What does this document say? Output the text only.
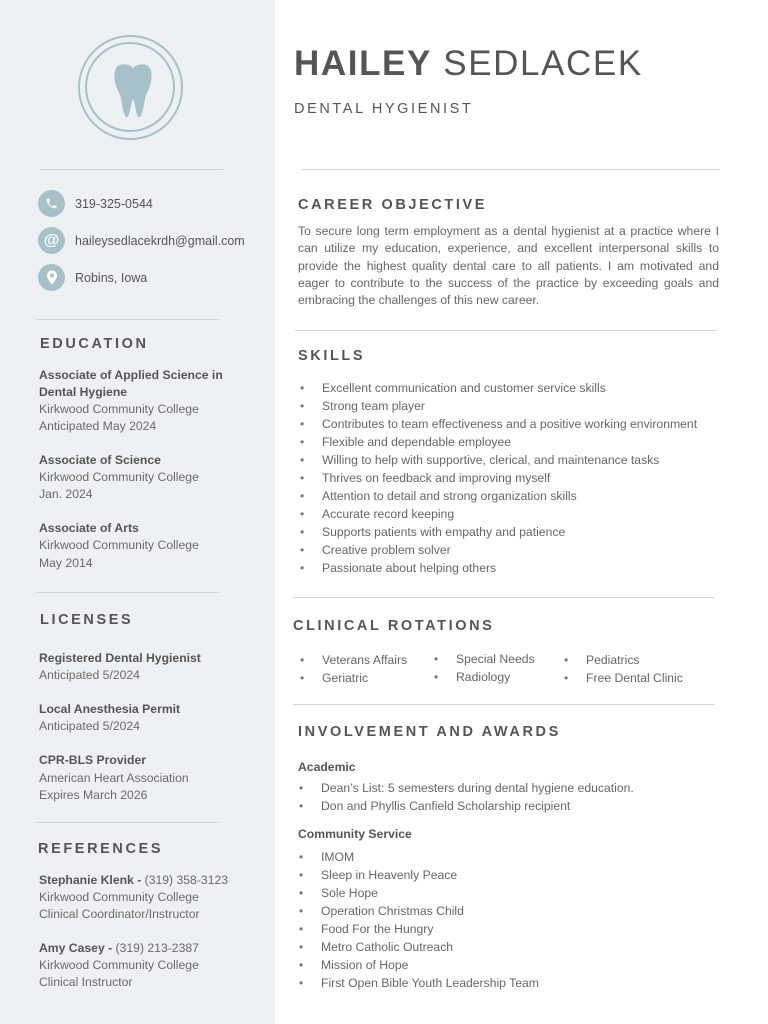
319-325-0544
@	haileysedlacekrdh@gmail.com
Robins, Iowa
EDUCATION
Associate of Applied Science in
Dental Hygiene
Kirkwood Community College
Anticipated May 2024
Associate of Science
Kirkwood Community College
Jan. 2024
Associate of Arts
Kirkwood Community College
May 2014
LICENSES
Registered Dental Hygienist
Anticipated 5/2024
Local Anesthesia Permit
Anticipated 5/2024
CPR-BLS Provider
American Heart Association
Expires March 2026
REFERENCES
Stephanie Klenk - (319) 358-3123
Kirkwood Community College
Clinical Coordinator/Instructor
Amy Casey - (319) 213-2387
Kirkwood Community College
Clinical Instructor
HAILEY SEDLACEK
DENTAL HYGIENIST
CAREER OBJECTIVE
To secure long term employment as a dental hygienist at a practice where I can utilize my education, experience, and excellent interpersonal skills to provide the highest quality dental care to all patients. I am motivated and eager to contribute to the success of the practice by exceeding goals and embracing the challenges of this new career.
SKILLS
• Excellent communication and customer service skills
• Strong team player
• Contributes to team effectiveness and a positive working environment
• Flexible and dependable employee
• Willing to help with supportive, clerical, and maintenance tasks
• Thrives on feedback and improving myself
• Attention to detail and strong organization skills
• Accurate record keeping
• Supports patients with empathy and patience
• Creative problem solver
• Passionate about helping others
CLINICAL ROTATIONS
• Veterans Affairs
• Geriatric
• Special Needs
• Radiology
• Pediatrics
• Free Dental Clinic
INVOLVEMENT AND AWARDS
Academic
• Dean’s List: 5 semesters during dental hygiene education.
• Don and Phyllis Canfield Scholarship recipient
Community Service
• IMOM
• Sleep in Heavenly Peace
• Sole Hope
• Operation Christmas Child
• Food For the Hungry
• Metro Catholic Outreach
• Mission of Hope
• First Open Bible Youth Leadership Team
